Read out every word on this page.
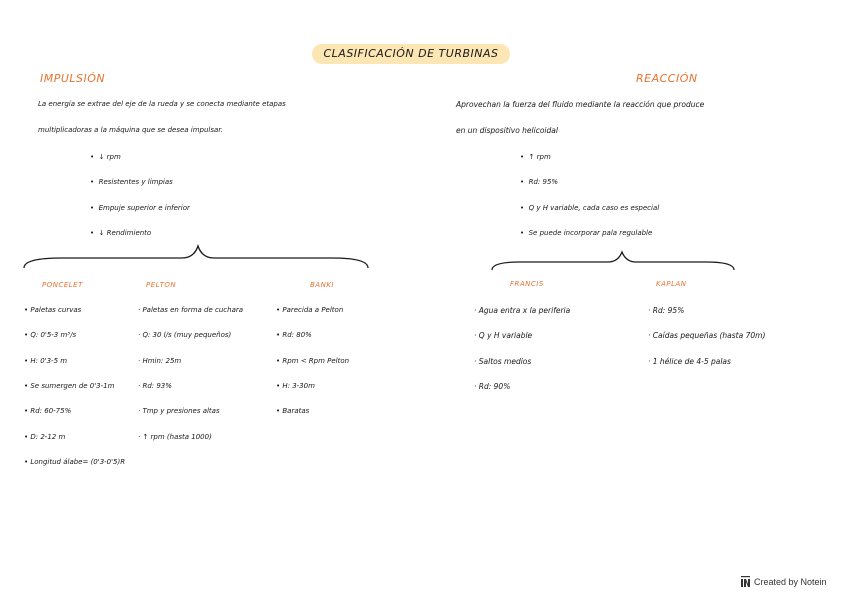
CLASIFICACIÓN DE TURBINAS
IMPULSIÓN
La energía se extrae del eje de la rueda y se conecta mediante etapas
multiplicadoras a la máquina que se desea impulsar.
•  ↓ rpm
•  Resistentes y limpias
•  Empuje superior e inferior
•  ↓ Rendimiento
REACCIÓN
Aprovechan la fuerza del fluido mediante la reacción que produce
en un dispositivo helicoidal
•  ↑ rpm
•  Rd: 95%
•  Q y H variable, cada caso es especial
•  Se puede incorporar pala regulable
PONCELET
• Paletas curvas
• Q: 0'5-3 m³/s
• H: 0'3-5 m
• Se sumergen de 0'3-1m
• Rd: 60-75%
• D: 2-12 m
• Longitud álabe= (0'3-0'5)R
PELTON
· Paletas en forma de cuchara
· Q: 30 l/s (muy pequeños)
· Hmin: 25m
· Rd: 93%
· Tmp y presiones altas
· ↑ rpm (hasta 1000)
BANKI
• Parecida a Pelton
• Rd: 80%
• Rpm < Rpm Pelton
• H: 3-30m
• Baratas
FRANCIS
· Agua entra x la periferia
· Q y H variable
· Saltos medios
· Rd: 90%
KAPLAN
· Rd: 95%
· Caídas pequeñas (hasta 70m)
· 1 hélice de 4-5 palas
Created by Notein
